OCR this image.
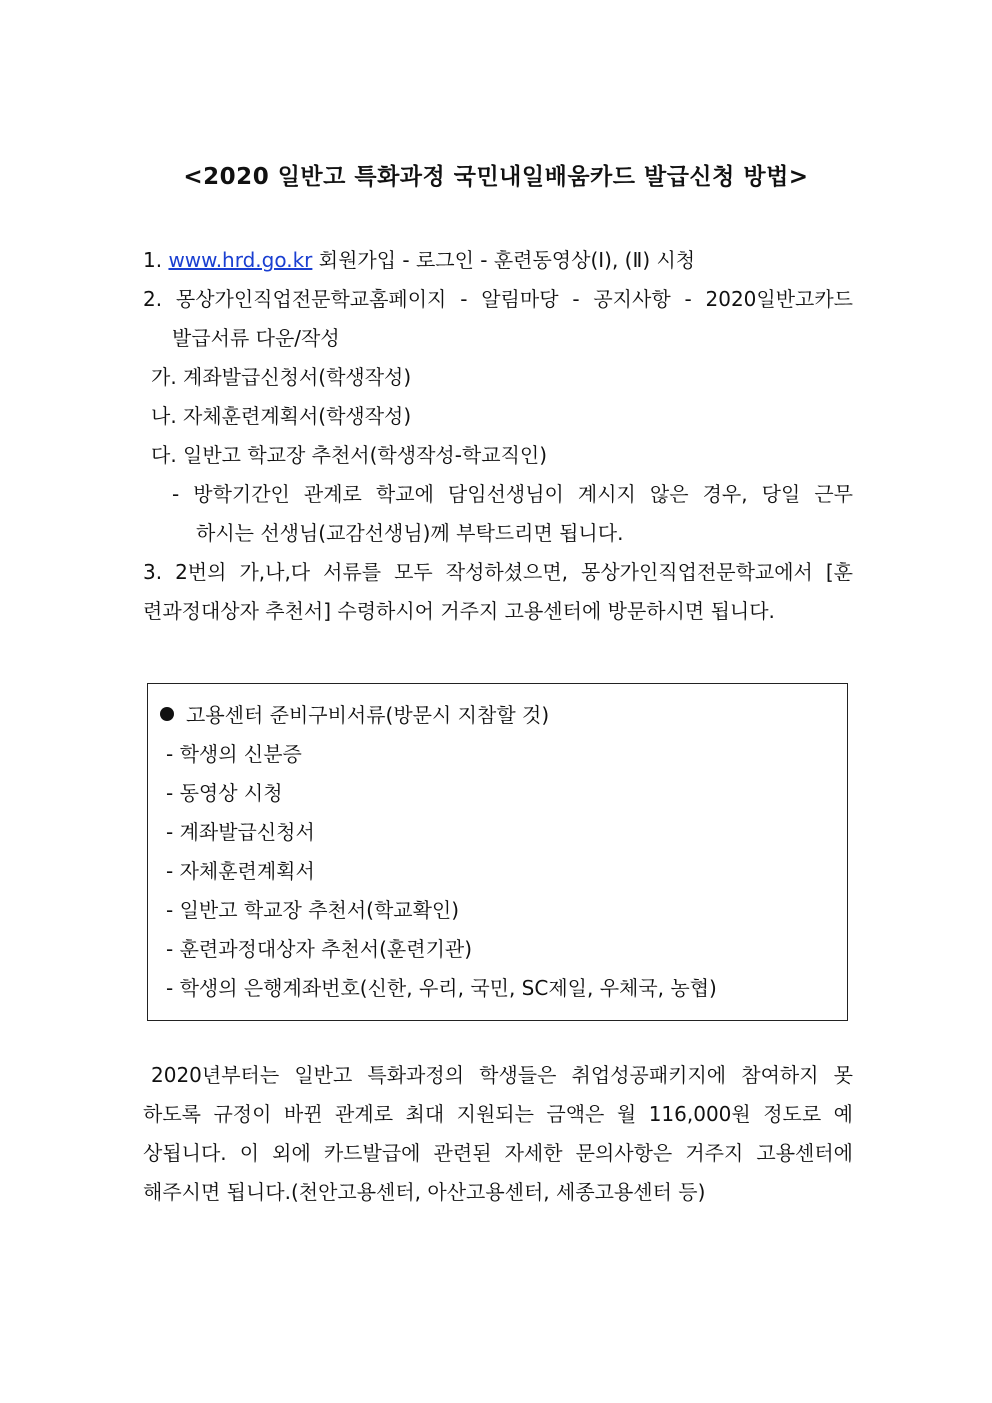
<2020 일반고 특화과정 국민내일배움카드 발급신청 방법>
1. www.hrd.go.kr 회원가입 - 로그인 - 훈련동영상(Ⅰ), (Ⅱ) 시청
2. 몽상가인직업전문학교홈페이지 - 알림마당 - 공지사항 - 2020일반고카드
발급서류 다운/작성
가. 계좌발급신청서(학생작성)
나. 자체훈련계획서(학생작성)
다. 일반고 학교장 추천서(학생작성-학교직인)
- 방학기간인 관계로 학교에 담임선생님이 계시지 않은 경우, 당일 근무
하시는 선생님(교감선생님)께 부탁드리면 됩니다.
3. 2번의 가,나,다 서류를 모두 작성하셨으면, 몽상가인직업전문학교에서 [훈
련과정대상자 추천서] 수령하시어 거주지 고용센터에 방문하시면 됩니다.
고용센터 준비구비서류(방문시 지참할 것)
- 학생의 신분증
- 동영상 시청
- 계좌발급신청서
- 자체훈련계획서
- 일반고 학교장 추천서(학교확인)
- 훈련과정대상자 추천서(훈련기관)
- 학생의 은행계좌번호(신한, 우리, 국민, SC제일, 우체국, 농협)
2020년부터는 일반고 특화과정의 학생들은 취업성공패키지에 참여하지 못
하도록 규정이 바뀐 관계로 최대 지원되는 금액은 월 116,000원 정도로 예
상됩니다. 이 외에 카드발급에 관련된 자세한 문의사항은 거주지 고용센터에
해주시면 됩니다.(천안고용센터, 아산고용센터, 세종고용센터 등)
